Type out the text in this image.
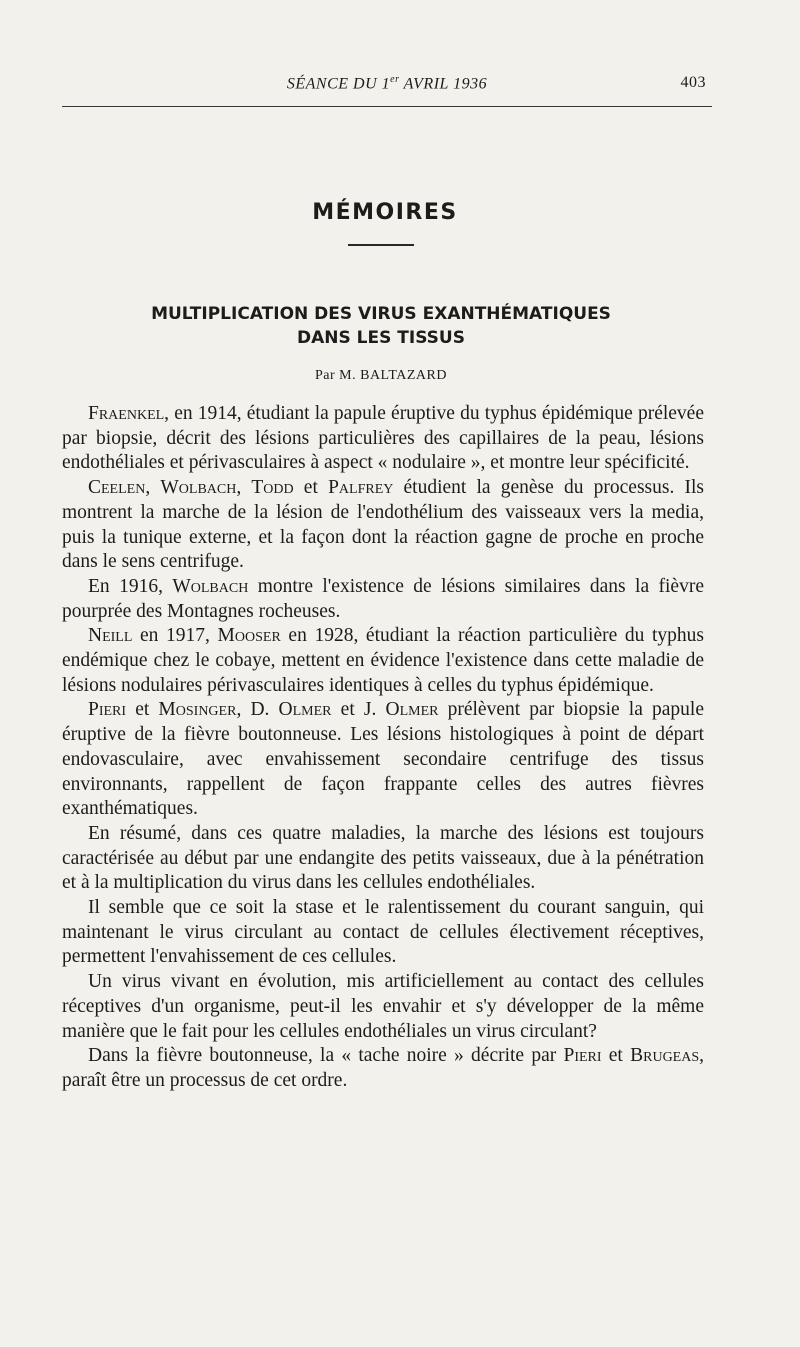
SÉANCE DU 1er AVRIL 1936	403
MÉMOIRES
MULTIPLICATION DES VIRUS EXANTHÉMATIQUES
DANS LES TISSUS
Par M. BALTAZARD

Fraenkel, en 1914, étudiant la papule éruptive du typhus épidémique prélevée par biopsie, décrit des lésions particulières des capillaires de la peau, lésions endothéliales et périvasculaires à aspect « nodulaire », et montre leur spécificité.

Ceelen, Wolbach, Todd et Palfrey étudient la genèse du processus. Ils montrent la marche de la lésion de l'endothélium des vaisseaux vers la media, puis la tunique externe, et la façon dont la réaction gagne de proche en proche dans le sens centrifuge.

En 1916, Wolbach montre l'existence de lésions similaires dans la fièvre pourprée des Montagnes rocheuses.

Neill en 1917, Mooser en 1928, étudiant la réaction particulière du typhus endémique chez le cobaye, mettent en évidence l'existence dans cette maladie de lésions nodulaires périvasculaires identiques à celles du typhus épidémique.

Pieri et Mosinger, D. Olmer et J. Olmer prélèvent par biopsie la papule éruptive de la fièvre boutonneuse. Les lésions histologiques à point de départ endovasculaire, avec envahissement secondaire centrifuge des tissus environnants, rappellent de façon frappante celles des autres fièvres exanthématiques.

En résumé, dans ces quatre maladies, la marche des lésions est toujours caractérisée au début par une endangite des petits vaisseaux, due à la pénétration et à la multiplication du virus dans les cellules endothéliales.

Il semble que ce soit la stase et le ralentissement du courant sanguin, qui maintenant le virus circulant au contact de cellules électivement réceptives, permettent l'envahissement de ces cellules.

Un virus vivant en évolution, mis artificiellement au contact des cellules réceptives d'un organisme, peut-il les envahir et s'y développer de la même manière que le fait pour les cellules endothéliales un virus circulant?

Dans la fièvre boutonneuse, la « tache noire » décrite par Pieri et Brugeas, paraît être un processus de cet ordre.
